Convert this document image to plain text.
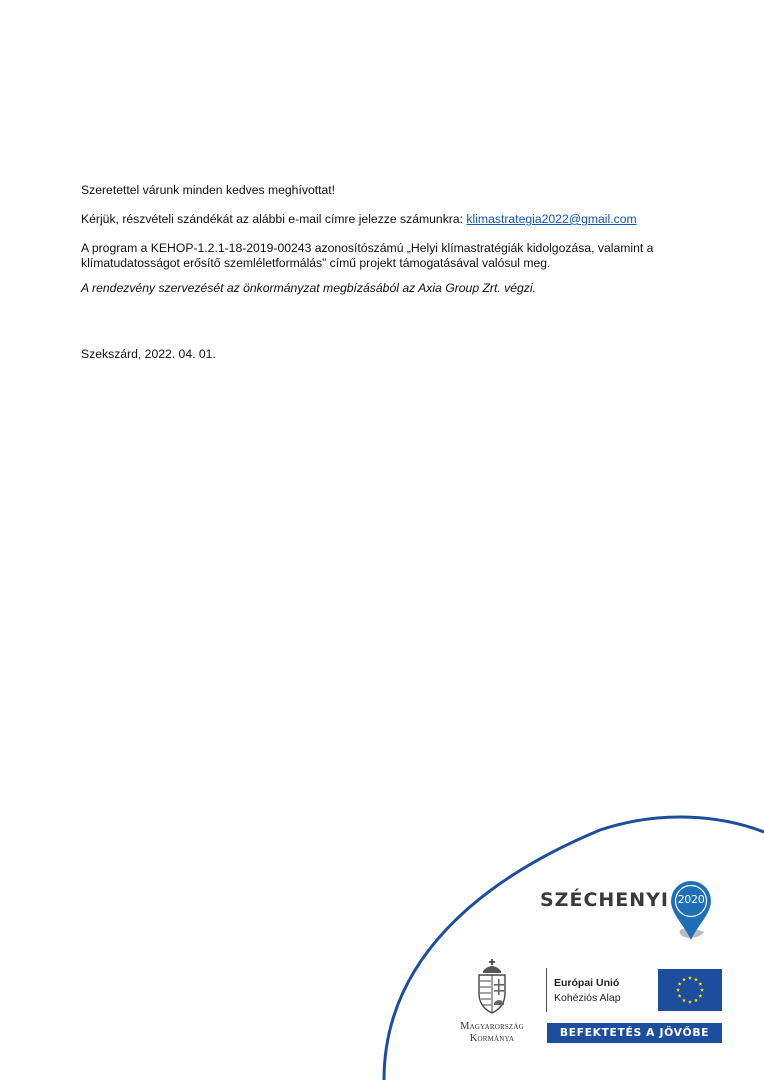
Szeretettel várunk minden kedves meghívottat!

Kérjük, részvételi szándékát az alábbi e-mail címre jelezze számunkra: klimastrategia2022@gmail.com

A program a KEHOP-1.2.1-18-2019-00243 azonosítószámú „Helyi klímastratégiák kidolgozása, valamint a
klímatudatosságot erősítő szemléletformálás” című projekt támogatásával valósul meg.

A rendezvény szervezését az önkormányzat megbízásából az Axia Group Zrt. végzi.

Szekszárd, 2022. 04. 01.

SZÉCHENYI 2020
Magyarország
Kormánya
Európai Unió
Kohéziós Alap
BEFEKTETÉS A JÖVŐBE
